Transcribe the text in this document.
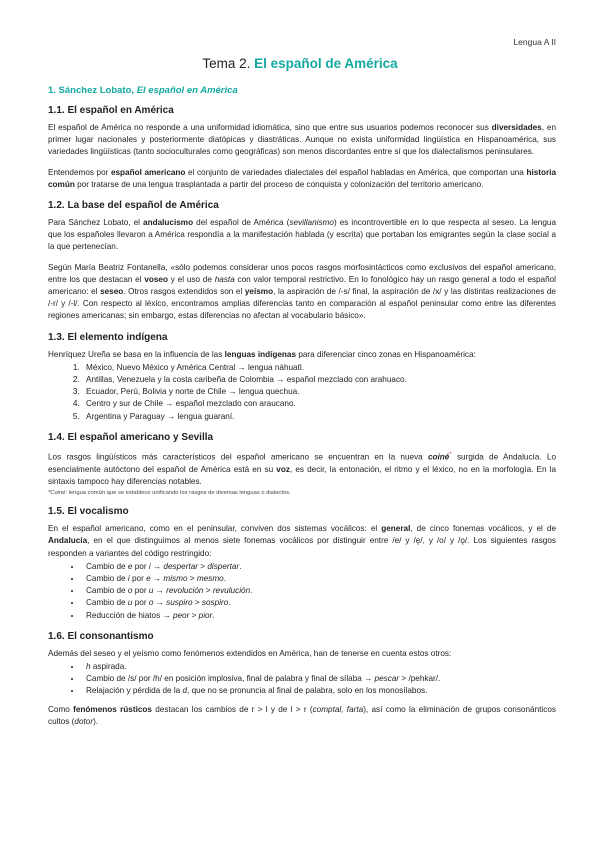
Lengua A II
Tema 2. El español de América
1. Sánchez Lobato, El español en América
1.1. El español en América

El español de América no responde a una uniformidad idiomática, sino que entre sus usuarios podemos reconocer sus diversidades, en primer lugar nacionales y posteriormente diatópicas y diastráticas. Aunque no exista uniformidad lingüística en Hispanoamérica, sus variedades lingüísticas (tanto socioculturales como geográficas) son menos discordantes entre sí que los dialectalismos peninsulares.

Entendemos por español americano el conjunto de variedades dialectales del español habladas en América, que comportan una historia común por tratarse de una lengua trasplantada a partir del proceso de conquista y colonización del territorio americano.

1.2. La base del español de América

Para Sánchez Lobato, el andalucismo del español de América (sevillanismo) es incontrovertible en lo que respecta al seseo. La lengua que los españoles llevaron a América respondía a la manifestación hablada (y escrita) que portaban los emigrantes según la clase social a la que pertenecían.

Según María Beatriz Fontanella, «sólo podemos considerar unos pocos rasgos morfosintácticos como exclusivos del español americano, entre los que destacan el voseo y el uso de hasta con valor temporal restrictivo. En lo fonológico hay un rasgo general a todo el español americano: el seseo. Otros rasgos extendidos son el yeísmo, la aspiración de /-s/ final, la aspiración de /x/ y las distintas realizaciones de /-r/ y /-l/. Con respecto al léxico, encontramos amplias diferencias tanto en comparación al español peninsular como entre las diferentes regiones americanas; sin embargo, estas diferencias no afectan al vocabulario básico».

1.3. El elemento indígena

Henríquez Ureña se basa en la influencia de las lenguas indígenas para diferenciar cinco zonas en Hispanoamérica:

1. México, Nuevo México y América Central → lengua náhuatl.
2. Antillas, Venezuela y la costa caribeña de Colombia → español mezclado con arahuaco.
3. Ecuador, Perú, Bolivia y norte de Chile → lengua quechua.
4. Centro y sur de Chile → español mezclado con araucano.
5. Argentina y Paraguay → lengua guaraní.
1.4. El español americano y Sevilla

Los rasgos lingüísticos más característicos del español americano se encuentran en la nueva coiné* surgida de Andalucía. Lo esencialmente autóctono del español de América está en su voz, es decir, la entonación, el ritmo y el léxico, no en la morfología. En la sintaxis tampoco hay diferencias notables.

*Coiné: lengua común que se establece unificando los rasgos de diversas lenguas o dialectos.
1.5. El vocalismo

En el español americano, como en el peninsular, conviven dos sistemas vocálicos: el general, de cinco fonemas vocálicos, y el de Andalucía, en el que distinguimos al menos siete fonemas vocálicos por distinguir entre /e/ y /ę/, y /o/ y /ǫ/. Los siguientes rasgos responden a variantes del código restringido:

• Cambio de e por i → despertar > dispertar.
• Cambio de i por e → mismo > mesmo.
• Cambio de o por u → revolución > revulución.
• Cambio de u por o → suspiro > sospiro.
• Reducción de hiatos → peor > pior.
1.6. El consonantismo

Además del seseo y el yeísmo como fenómenos extendidos en América, han de tenerse en cuenta estos otros:

• h aspirada.
• Cambio de /s/ por /h/ en posición implosiva, final de palabra y final de sílaba → pescar > /pehkar/.
• Relajación y pérdida de la d, que no se pronuncia al final de palabra, solo en los monosílabos.

Como fenómenos rústicos destacan los cambios de r > l y de l > r (comptal, farta), así como la eliminación de grupos consonánticos cultos (dotor).
